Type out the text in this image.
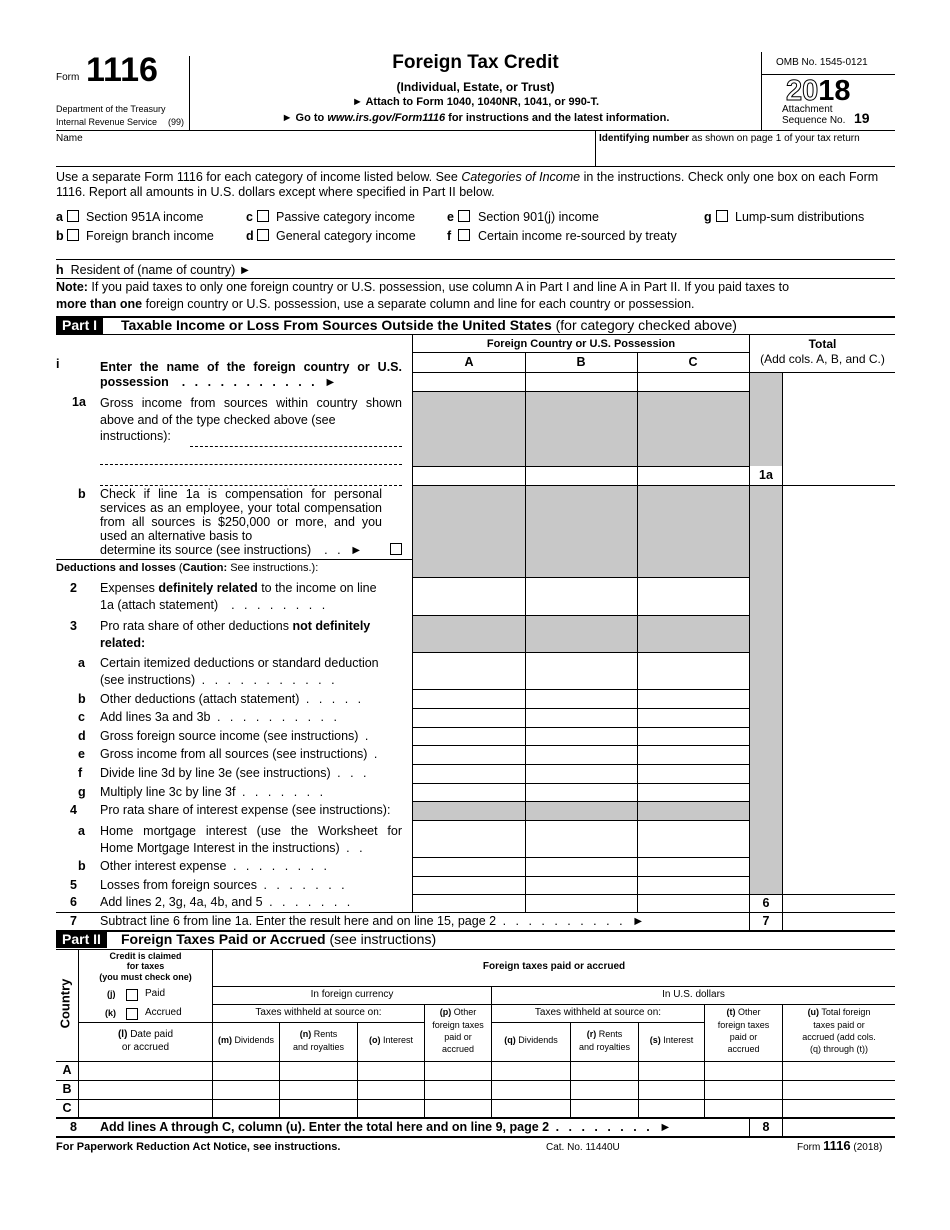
Form 1116
Department of the Treasury
Internal Revenue Service (99)
Foreign Tax Credit
(Individual, Estate, or Trust)
► Attach to Form 1040, 1040NR, 1041, or 990-T.
► Go to www.irs.gov/Form1116 for instructions and the latest information.
OMB No. 1545-0121
2018
Attachment
Sequence No. 19
Name	Identifying number as shown on page 1 of your tax return
Use a separate Form 1116 for each category of income listed below. See Categories of Income in the instructions. Check only one box on each Form
1116. Report all amounts in U.S. dollars except where specified in Part II below.
a Section 951A income
b Foreign branch income
c Passive category income
d General category income
e Section 901(j) income
f Certain income re-sourced by treaty
g Lump-sum distributions
h Resident of (name of country) ►
Note: If you paid taxes to only one foreign country or U.S. possession, use column A in Part I and line A in Part II. If you paid taxes to
more than one foreign country or U.S. possession, use a separate column and line for each country or possession.
Part I	Taxable Income or Loss From Sources Outside the United States (for category checked above)
Foreign Country or U.S. Possession
A	B	C
Total
(Add cols. A, B, and C.)
i	Enter the name of the foreign country or U.S.
possession  . . . . . . . . . . . ►
1a Gross income from sources within country shown above and of the type checked above (see
instructions):
1a
b Check if line 1a is compensation for personal services as an employee, your total compensation from all sources is $250,000 or more, and you used an alternative basis to
determine its source (see instructions)  . . ►
Deductions and losses (Caution: See instructions.):
2 Expenses definitely related to the income on line
1a (attach statement)  . . . . . . . .
3 Pro rata share of other deductions not definitely
related:
a Certain itemized deductions or standard deduction
(see instructions) . . . . . . . . . . .
b Other deductions (attach statement) . . . . .
c Add lines 3a and 3b . . . . . . . . . .
d Gross foreign source income (see instructions) .
e Gross income from all sources (see instructions) .
f Divide line 3d by line 3e (see instructions) . . .
g Multiply line 3c by line 3f . . . . . . .
4 Pro rata share of interest expense (see instructions):
a Home mortgage interest (use the Worksheet for
Home Mortgage Interest in the instructions) . .
b Other interest expense . . . . . . . .
5 Losses from foreign sources . . . . . . .
6 Add lines 2, 3g, 4a, 4b, and 5 . . . . . . .	6
7 Subtract line 6 from line 1a. Enter the result here and on line 15, page 2 . . . . . . . . . . ►	7
Part II	Foreign Taxes Paid or Accrued (see instructions)
Country
Credit is claimed
for taxes
(you must check one)
(j)	Paid
(k)	Accrued
(l) Date paid
or accrued
Foreign taxes paid or accrued
In foreign currency	In U.S. dollars
Taxes withheld at source on:	Taxes withheld at source on:
(m) Dividends
(n) Rents
and royalties
(o) Interest
(p) Other
foreign taxes
paid or
accrued
(q) Dividends
(r) Rents
and royalties
(s) Interest
(t) Other
foreign taxes
paid or
accrued
(u) Total foreign
taxes paid or
accrued (add cols.
(q) through (t))
A
B
C
8 Add lines A through C, column (u). Enter the total here and on line 9, page 2 . . . . . . . . ►	8
For Paperwork Reduction Act Notice, see instructions.	Cat. No. 11440U	Form 1116 (2018)
